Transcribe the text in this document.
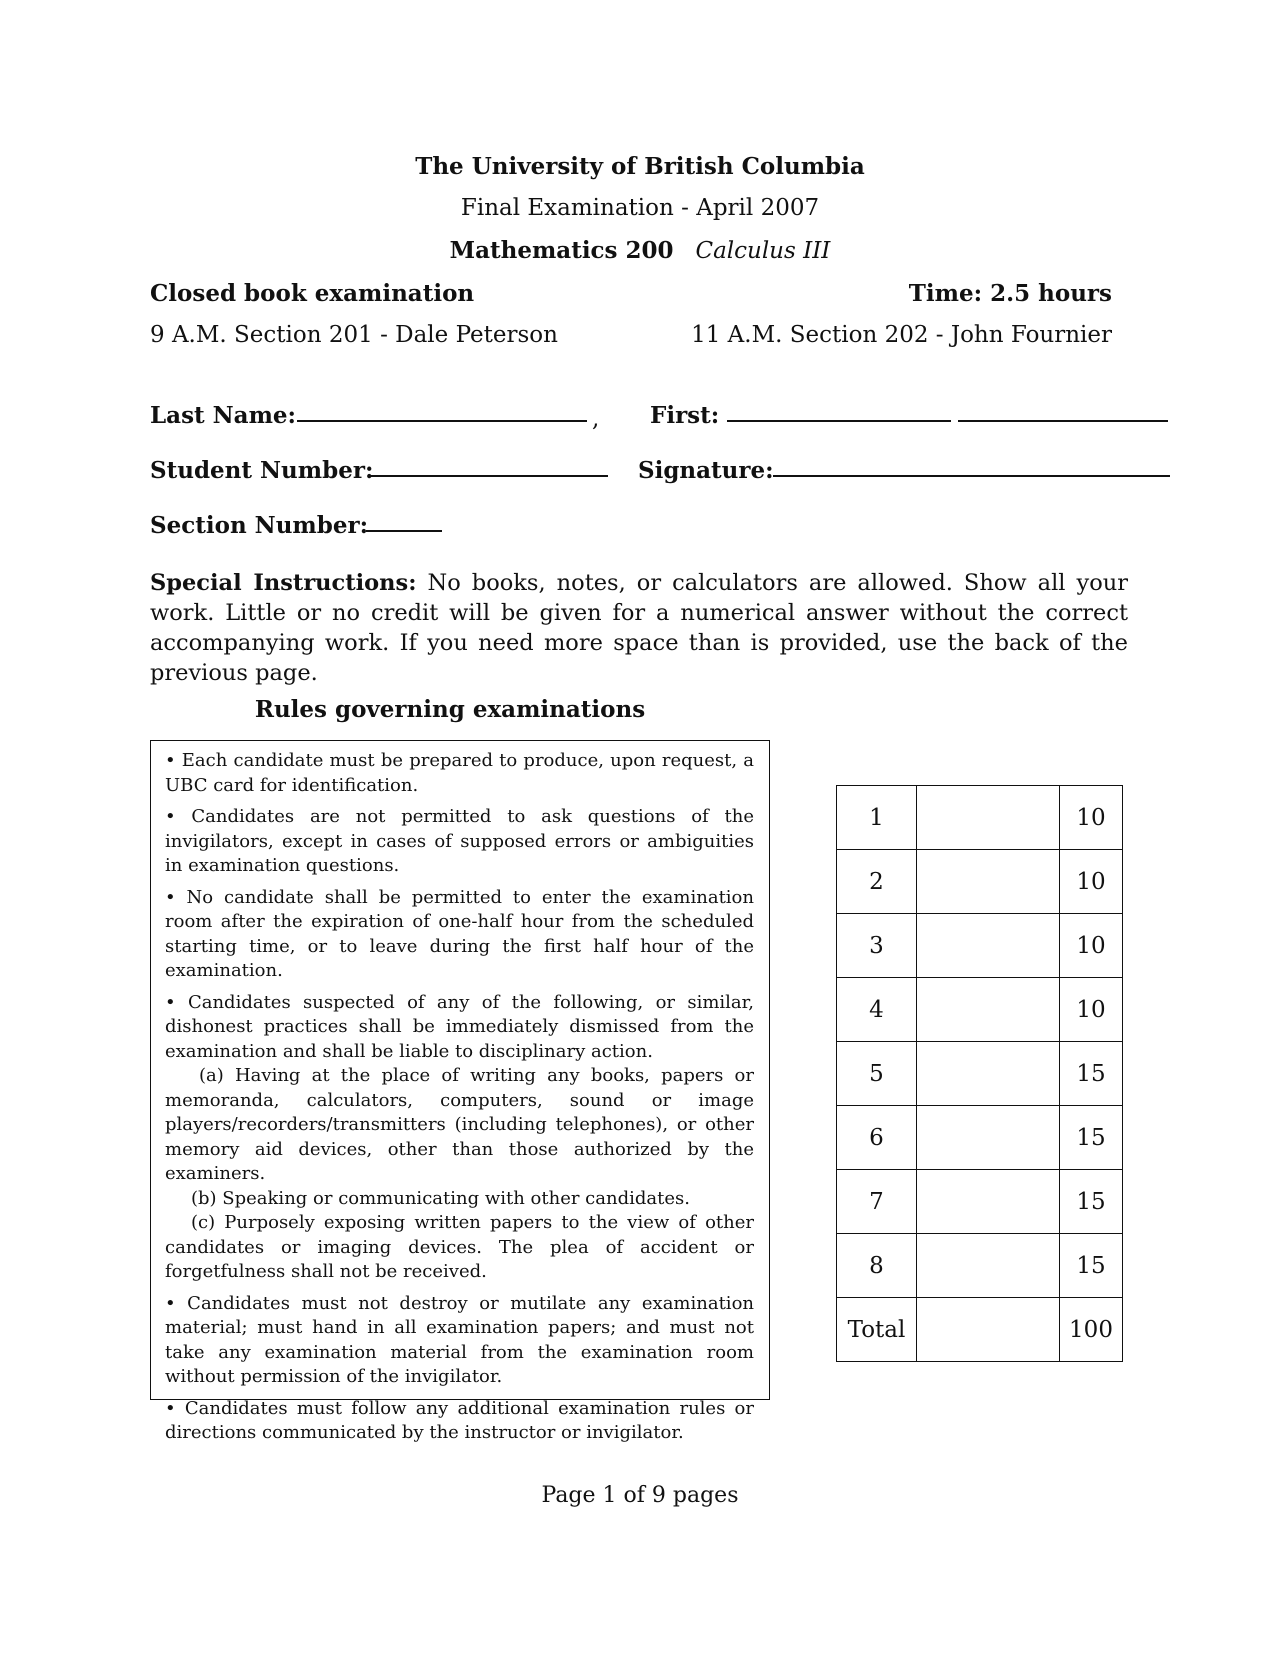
The University of British Columbia
Final Examination - April 2007
Mathematics 200 Calculus III
Closed book examination	Time: 2.5 hours
9 A.M. Section 201 - Dale Peterson	11 A.M. Section 202 - John Fournier
Last Name:	, First:
Student Number:	Signature:
Section Number:
Special Instructions: No books, notes, or calculators are allowed. Show all your work. Little or no credit will be given for a numerical answer without the correct accompanying work. If you need more space than is provided, use the back of the previous page.
Rules governing examinations

• Each candidate must be prepared to produce, upon request, a UBC card for identification.

• Candidates are not permitted to ask questions of the invigilators, except in cases of supposed errors or ambiguities in examination questions.

• No candidate shall be permitted to enter the examination room after the expiration of one-half hour from the scheduled starting time, or to leave during the first half hour of the examination.

• Candidates suspected of any of the following, or similar, dishonest practices shall be immediately dismissed from the examination and shall be liable to disciplinary action.

(a) Having at the place of writing any books, papers or memoranda, calculators, computers, sound or image players/recorders/transmitters (including telephones), or other memory aid devices, other than those authorized by the examiners.

(b) Speaking or communicating with other candidates.

(c) Purposely exposing written papers to the view of other candidates or imaging devices. The plea of accident or forgetfulness shall not be received.

• Candidates must not destroy or mutilate any examination material; must hand in all examination papers; and must not take any examination material from the examination room without permission of the invigilator.

• Candidates must follow any additional examination rules or directions communicated by the instructor or invigilator.

1		10
2		10
3		10
4		10
5		15
6		15
7		15
8		15
Total		100
Page 1 of 9 pages
